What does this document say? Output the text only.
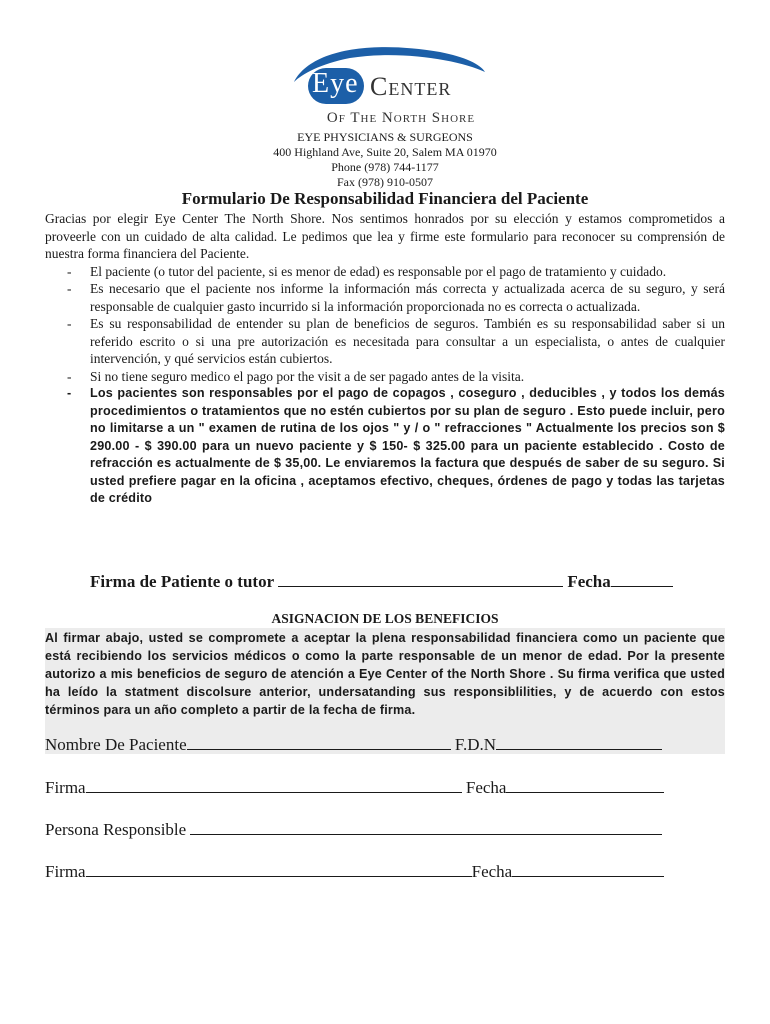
Eye Center
Of The North Shore
EYE PHYSICIANS & SURGEONS
400 Highland Ave, Suite 20, Salem MA 01970
Phone (978) 744-1177
Fax (978) 910-0507
Formulario De Responsabilidad Financiera del Paciente

Gracias por elegir Eye Center The North Shore. Nos sentimos honrados por su elección y estamos comprometidos a proveerle con un cuidado de alta calidad. Le pedimos que lea y firme este formulario para reconocer su comprensión de nuestra forma financiera del Paciente.

- El paciente (o tutor del paciente, si es menor de edad) es responsable por el pago de tratamiento y cuidado.
- Es necesario que el paciente nos informe la información más correcta y actualizada acerca de su seguro, y será responsable de cualquier gasto incurrido si la información proporcionada no es correcta o actualizada.
- Es su responsabilidad de entender su plan de beneficios de seguros. También es su responsabilidad saber si un referido escrito o si una pre autorización es necesitada para consultar a un especialista, o antes de cualquier intervención, y qué servicios están cubiertos.
- Si no tiene seguro medico el pago por the visit a de ser pagado antes de la visita.
- Los pacientes son responsables por el pago de copagos , coseguro , deducibles , y todos los demás procedimientos o tratamientos que no estén cubiertos por su plan de seguro . Esto puede incluir, pero no limitarse a un " examen de rutina de los ojos " y / o " refracciones " Actualmente los precios son $ 290.00 - $ 390.00 para un nuevo paciente y $ 150- $ 325.00 para un paciente establecido . Costo de refracción es actualmente de $ 35,00. Le enviaremos la factura que después de saber de su seguro. Si usted prefiere pagar en la oficina , aceptamos efectivo, cheques, órdenes de pago y todas las tarjetas de crédito
Firma de Patiente o tutor	Fecha
ASIGNACION DE LOS BENEFICIOS
Al firmar abajo, usted se compromete a aceptar la plena responsabilidad financiera como un paciente que está recibiendo los servicios médicos o como la parte responsable de un menor de edad. Por la presente autorizo a mis beneficios de seguro de atención a Eye Center of the North Shore . Su firma verifica que usted ha leído la statment discolsure anterior, undersatanding sus responsiblilities, y de acuerdo con estos términos para un año completo a partir de la fecha de firma.
Nombre De Paciente	F.D.N
Firma	Fecha
Persona Responsible
Firma	Fecha
